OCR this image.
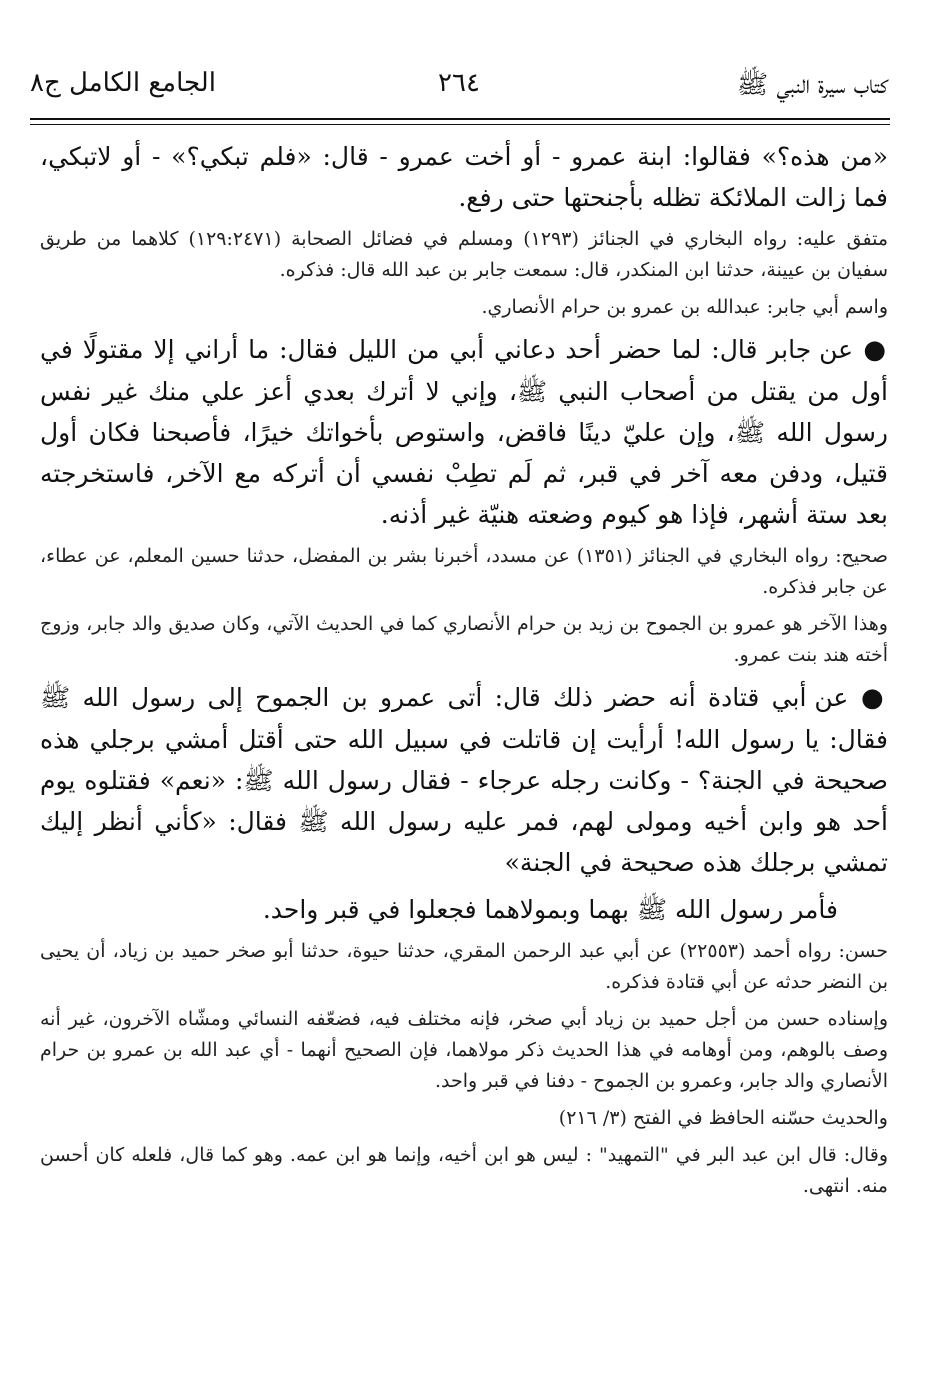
كتاب سيرة النبي ﷺ
٢٦٤
الجامع الكامل ج٨

«من هذه؟» فقالوا: ابنة عمرو - أو أخت عمرو - قال: «فلم تبكي؟» - أو لاتبكي، فما زالت الملائكة تظله بأجنحتها حتى رفع.

متفق عليه: رواه البخاري في الجنائز (١٢٩٣) ومسلم في فضائل الصحابة (١٢٩:٢٤٧١) كلاهما من طريق سفيان بن عيينة، حدثنا ابن المنكدر، قال: سمعت جابر بن عبد الله قال: فذكره.

واسم أبي جابر: عبدالله بن عمرو بن حرام الأنصاري.

● عن جابر قال: لما حضر أحد دعاني أبي من الليل فقال: ما أراني إلا مقتولًا في أول من يقتل من أصحاب النبي ﷺ، وإني لا أترك بعدي أعز علي منك غير نفس رسول الله ﷺ، وإن عليّ دينًا فاقض، واستوص بأخواتك خيرًا، فأصبحنا فكان أول قتيل، ودفن معه آخر في قبر، ثم لَم تطِبْ نفسي أن أتركه مع الآخر، فاستخرجته بعد ستة أشهر، فإذا هو كيوم وضعته هنيّة غير أذنه.

صحيح: رواه البخاري في الجنائز (١٣٥١) عن مسدد، أخبرنا بشر بن المفضل، حدثنا حسين المعلم، عن عطاء، عن جابر فذكره.

وهذا الآخر هو عمرو بن الجموح بن زيد بن حرام الأنصاري كما في الحديث الآتي، وكان صديق والد جابر، وزوج أخته هند بنت عمرو.

● عن أبي قتادة أنه حضر ذلك قال: أتى عمرو بن الجموح إلى رسول الله ﷺ فقال: يا رسول الله! أرأيت إن قاتلت في سبيل الله حتى أقتل أمشي برجلي هذه صحيحة في الجنة؟ - وكانت رجله عرجاء - فقال رسول الله ﷺ: «نعم» فقتلوه يوم أحد هو وابن أخيه ومولى لهم، فمر عليه رسول الله ﷺ فقال: «كأني أنظر إليك تمشي برجلك هذه صحيحة في الجنة»

فأمر رسول الله ﷺ بهما وبمولاهما فجعلوا في قبر واحد.

حسن: رواه أحمد (٢٢٥٥٣) عن أبي عبد الرحمن المقري، حدثنا حيوة، حدثنا أبو صخر حميد بن زياد، أن يحيى بن النضر حدثه عن أبي قتادة فذكره.

وإسناده حسن من أجل حميد بن زياد أبي صخر، فإنه مختلف فيه، فضعّفه النسائي ومشّاه الآخرون، غير أنه وصف بالوهم، ومن أوهامه في هذا الحديث ذكر مولاهما، فإن الصحيح أنهما - أي عبد الله بن عمرو بن حرام الأنصاري والد جابر، وعمرو بن الجموح - دفنا في قبر واحد.

والحديث حسّنه الحافظ في الفتح (٣/ ٢١٦)

وقال: قال ابن عبد البر في "التمهيد" : ليس هو ابن أخيه، وإنما هو ابن عمه. وهو كما قال، فلعله كان أحسن منه. انتهى.
